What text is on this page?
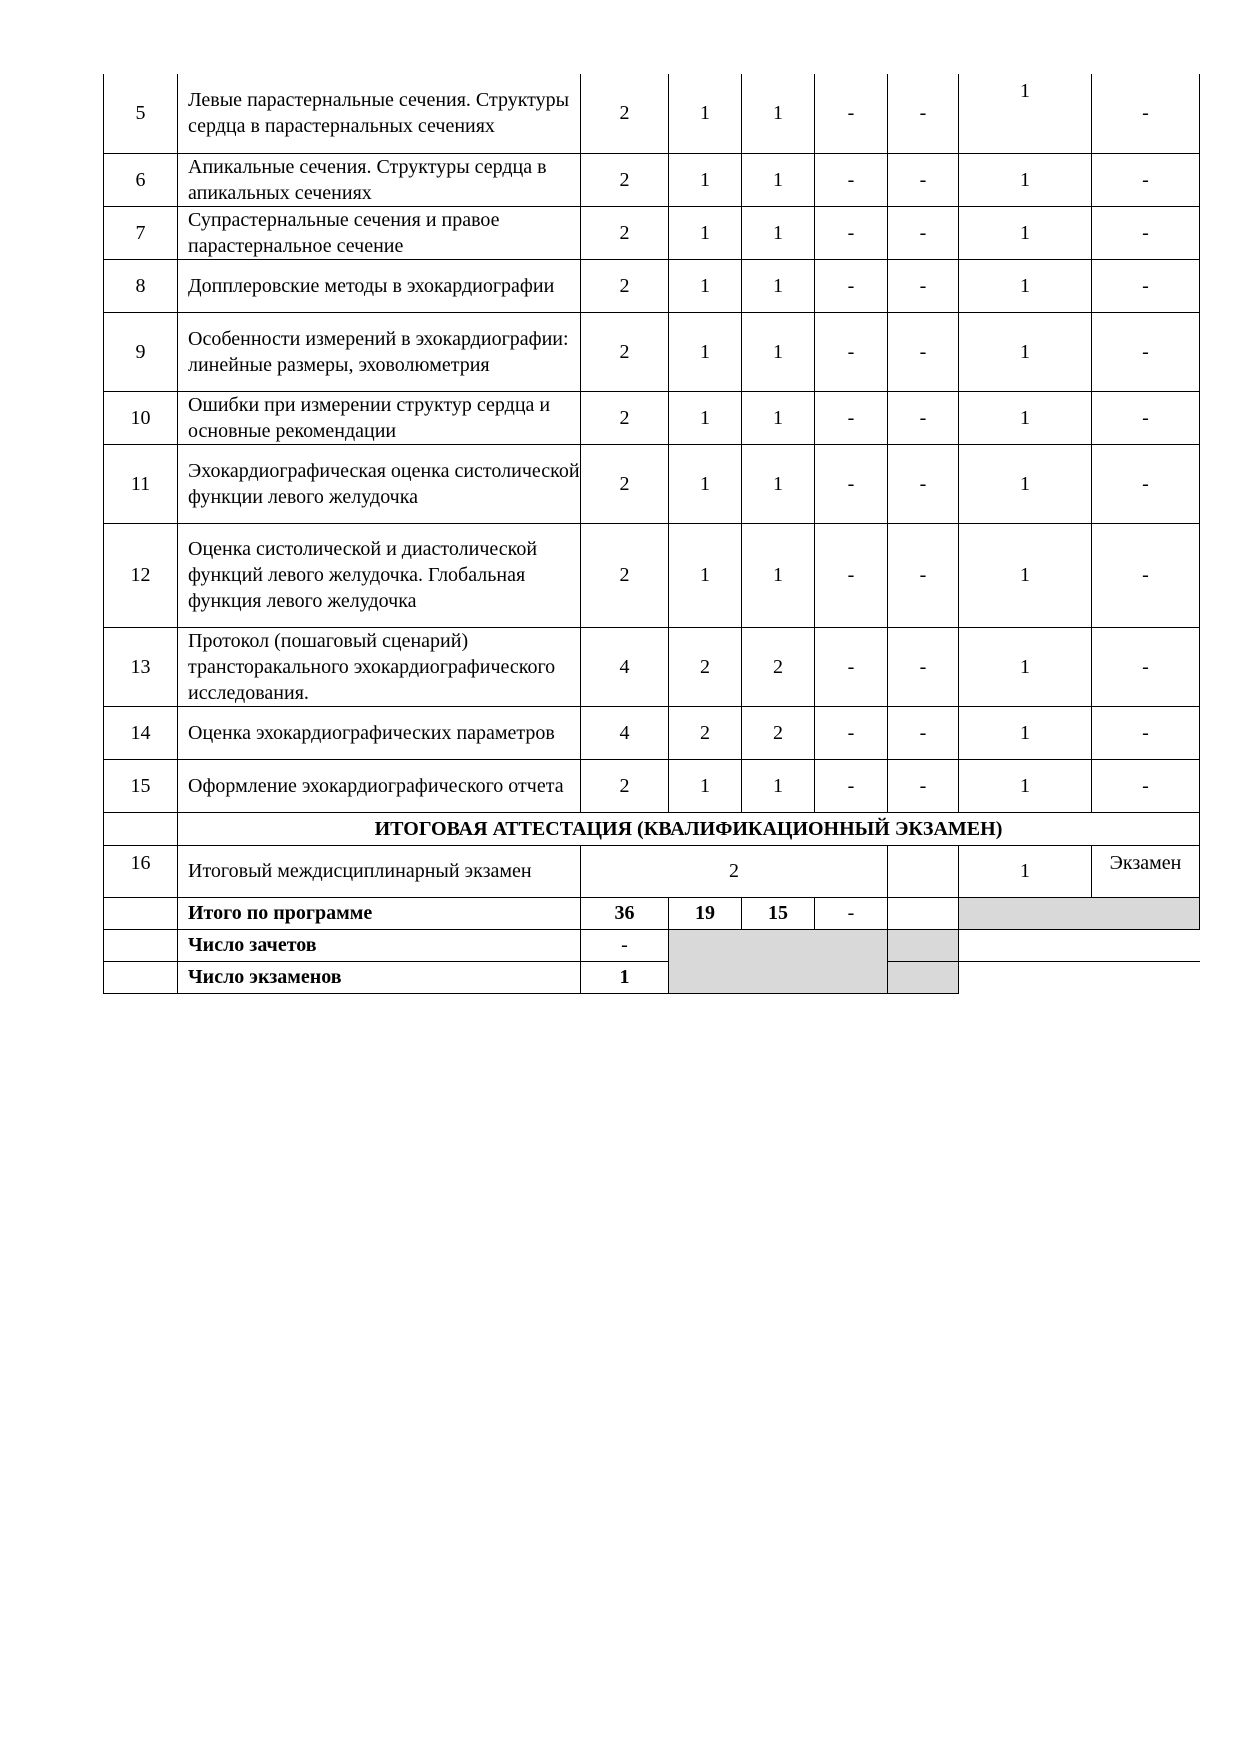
5	Левые парастернальные сечения. Структуры сердца в парастернальных сечениях	2	1	1	-	-	1	-
6	Апикальные сечения. Структуры сердца в апикальных сечениях	2	1	1	-	-	1	-
7	Супрастернальные сечения и правое парастернальное сечение	2	1	1	-	-	1	-
8	Допплеровские методы в эхокардиографии	2	1	1	-	-	1	-
9	Особенности измерений в эхокардиографии: линейные размеры, эховолюметрия	2	1	1	-	-	1	-
10	Ошибки при измерении структур сердца и основные рекомендации	2	1	1	-	-	1	-
11	Эхокардиографическая оценка систолической функции левого желудочка	2	1	1	-	-	1	-
12	Оценка систолической и диастолической функций левого желудочка. Глобальная функция левого желудочка	2	1	1	-	-	1	-
13	Протокол (пошаговый сценарий) трансторакального эхокардиографического исследования.	4	2	2	-	-	1	-
14	Оценка эхокардиографических параметров	4	2	2	-	-	1	-
15	Оформление эхокардиографического отчета	2	1	1	-	-	1	-
	ИТОГОВАЯ АТТЕСТАЦИЯ (КВАЛИФИКАЦИОННЫЙ ЭКЗАМЕН)							
16	Итоговый междисциплинарный экзамен	2					1	Экзамен
	Итого по программе	36	19	15	-			
	Число зачетов	-						
	Число экзаменов	1						
